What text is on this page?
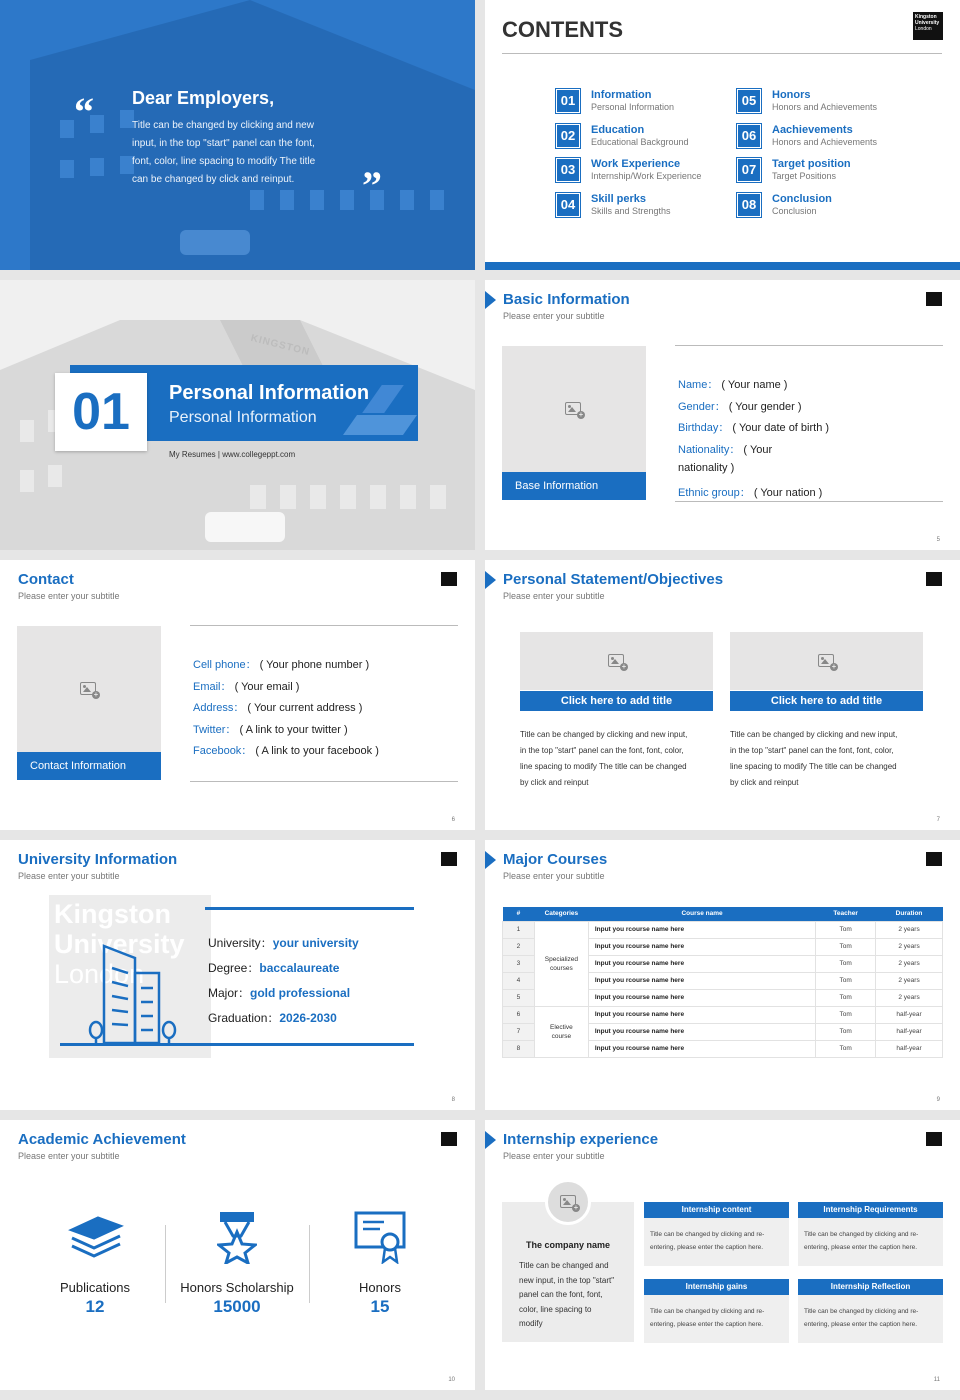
“
”
Dear Employers,
Title can be changed by clicking and new
input, in the top "start" panel can the font,
font, color, line spacing to modify The title
can be changed by click and reinput.
CONTENTS	Kingston
University
London
01	Information
Personal Information
02	Education
Educational Background
03	Work Experience
Internship/Work Experience
04	Skill perks
Skills and Strengths
05	Honors
Honors and Achievements
06	Aachievements
Honors and Achievements
07	Target position
Target Positions
08	Conclusion
Conclusion
KINGSTON
01	Personal Information
Personal Information
My Resumes | www.collegeppt.com
Basic Information
Please enter your subtitle
+
Base Information
Name： ( Your name )
Gender： ( Your gender )
Birthday： ( Your date of birth )
Nationality： ( Your
nationality )
Ethnic group： ( Your nation )
5
Contact
Please enter your subtitle
+
Contact Information
Cell phone： ( Your phone number )
Email： ( Your email )
Address： ( Your current address )
Twitter： ( A link to your twitter )
Facebook： ( A link to your facebook )
6
Personal Statement/Objectives
Please enter your subtitle
+
Click here to add title
Title can be changed by clicking and new input,
in the top "start" panel can the font, font, color,
line spacing to modify The title can be changed
by click and reinput
+
Click here to add title
Title can be changed by clicking and new input,
in the top "start" panel can the font, font, color,
line spacing to modify The title can be changed
by click and reinput
7
University Information
Please enter your subtitle
Kingston
University
London
University：your university
Degree：baccalaureate
Major：gold professional
Graduation：2026-2030
8
Major Courses
Please enter your subtitle
#	Categories	Course name	Teacher	Duration
1	Specialized
courses	Input you rcourse name here	Tom	2 years
2		Input you rcourse name here	Tom	2 years
3		Input you rcourse name here	Tom	2 years
4		Input you rcourse name here	Tom	2 years
5		Input you rcourse name here	Tom	2 years
6	Elective
course	Input you rcourse name here	Tom	half-year
7		Input you rcourse name here	Tom	half-year
8		Input you rcourse name here	Tom	half-year
9
Academic Achievement
Please enter your subtitle
Publications
12
Honors Scholarship
15000
Honors
15
10
Internship experience
Please enter your subtitle
+
The company name
Title can be changed and
new input, in the top "start"
panel can the font, font,
color, line spacing to
modify
Internship content
Title can be changed by clicking and re-
entering, please enter the caption here.
Internship Requirements
Title can be changed by clicking and re-
entering, please enter the caption here.
Internship gains
Title can be changed by clicking and re-
entering, please enter the caption here.
Internship Reflection
Title can be changed by clicking and re-
entering, please enter the caption here.
11
